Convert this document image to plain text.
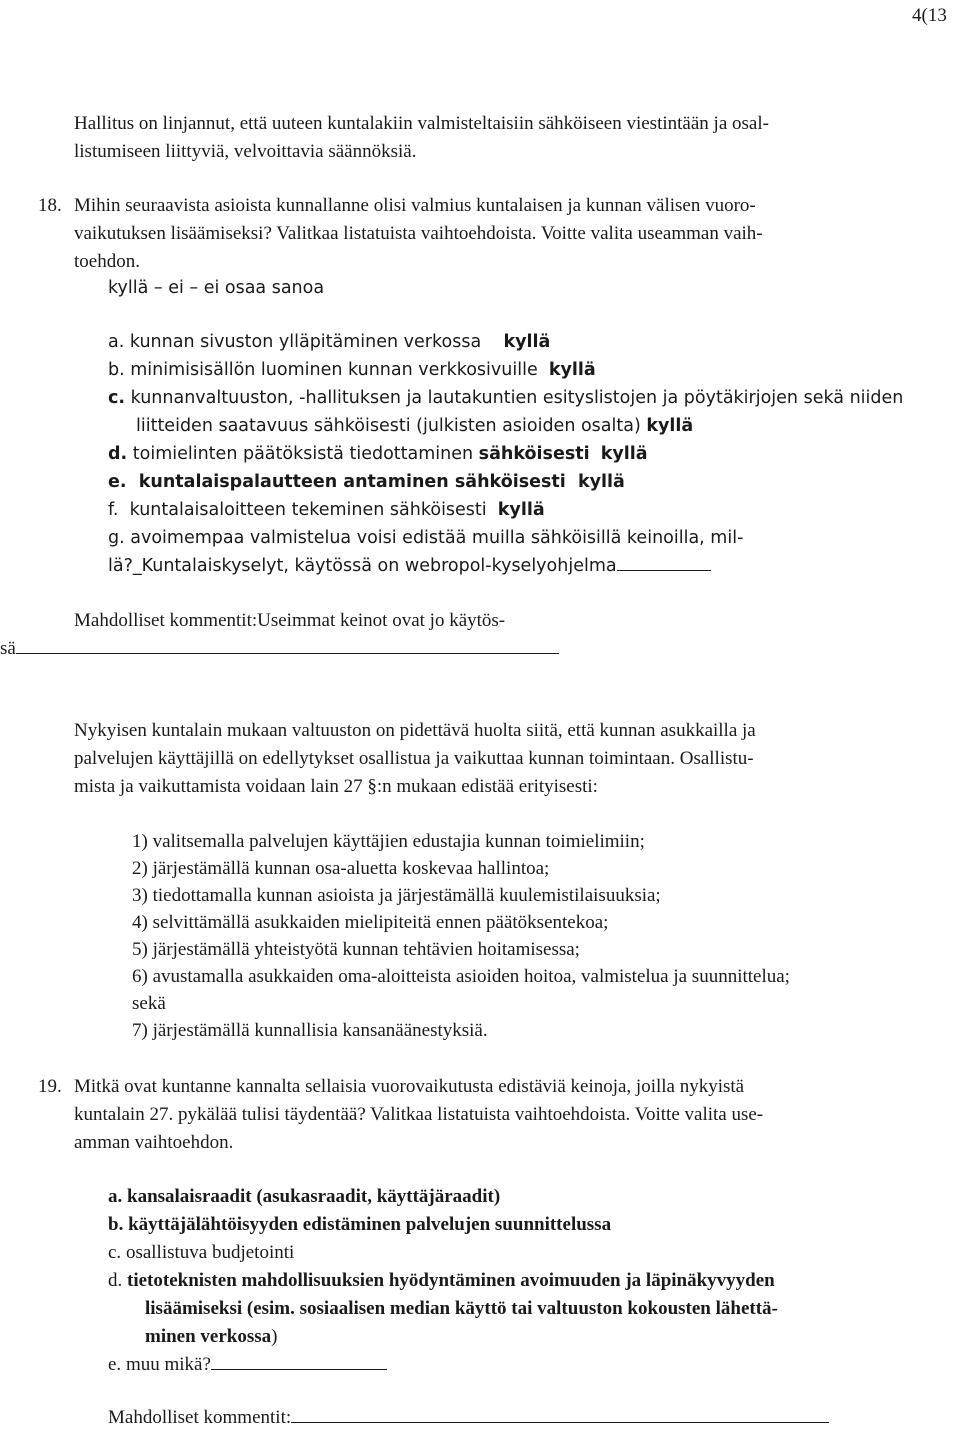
4(13
Hallitus on linjannut, että uuteen kuntalakiin valmisteltaisiin sähköiseen viestintään ja osal-
listumiseen liittyviä, velvoittavia säännöksiä.
18. Mihin seuraavista asioista kunnallanne olisi valmius kuntalaisen ja kunnan välisen vuoro-
vaikutuksen lisäämiseksi? Valitkaa listatuista vaihtoehdoista. Voitte valita useamman vaih-
toehdon.
kyllä – ei – ei osaa sanoa
a. kunnan sivuston ylläpitäminen verkossa kyllä
b. minimisisällön luominen kunnan verkkosivuille kyllä
c. kunnanvaltuuston, -hallituksen ja lautakuntien esityslistojen ja pöytäkirjojen sekä niiden
liitteiden saatavuus sähköisesti (julkisten asioiden osalta) kyllä
d. toimielinten päätöksistä tiedottaminen sähköisesti kyllä
e. kuntalaispalautteen antaminen sähköisesti kyllä
f. kuntalaisaloitteen tekeminen sähköisesti kyllä
g. avoimempaa valmistelua voisi edistää muilla sähköisillä keinoilla, mil-
lä?_Kuntalaiskyselyt, käytössä on webropol-kyselyohjelma
Mahdolliset kommentit:Useimmat keinot ovat jo käytös-
sä
Nykyisen kuntalain mukaan valtuuston on pidettävä huolta siitä, että kunnan asukkailla ja
palvelujen käyttäjillä on edellytykset osallistua ja vaikuttaa kunnan toimintaan. Osallistu-
mista ja vaikuttamista voidaan lain 27 §:n mukaan edistää erityisesti:
1) valitsemalla palvelujen käyttäjien edustajia kunnan toimielimiin;
2) järjestämällä kunnan osa-aluetta koskevaa hallintoa;
3) tiedottamalla kunnan asioista ja järjestämällä kuulemistilaisuuksia;
4) selvittämällä asukkaiden mielipiteitä ennen päätöksentekoa;
5) järjestämällä yhteistyötä kunnan tehtävien hoitamisessa;
6) avustamalla asukkaiden oma-aloitteista asioiden hoitoa, valmistelua ja suunnittelua;
sekä
7) järjestämällä kunnallisia kansanäänestyksiä.
19. Mitkä ovat kuntanne kannalta sellaisia vuorovaikutusta edistäviä keinoja, joilla nykyistä
kuntalain 27. pykälää tulisi täydentää? Valitkaa listatuista vaihtoehdoista. Voitte valita use-
amman vaihtoehdon.
a. kansalaisraadit (asukasraadit, käyttäjäraadit)
b. käyttäjälähtöisyyden edistäminen palvelujen suunnittelussa
c. osallistuva budjetointi
d. tietoteknisten mahdollisuuksien hyödyntäminen avoimuuden ja läpinäkyvyyden
lisäämiseksi (esim. sosiaalisen median käyttö tai valtuuston kokousten lähettä-
minen verkossa)
e. muu mikä?
Mahdolliset kommentit:
